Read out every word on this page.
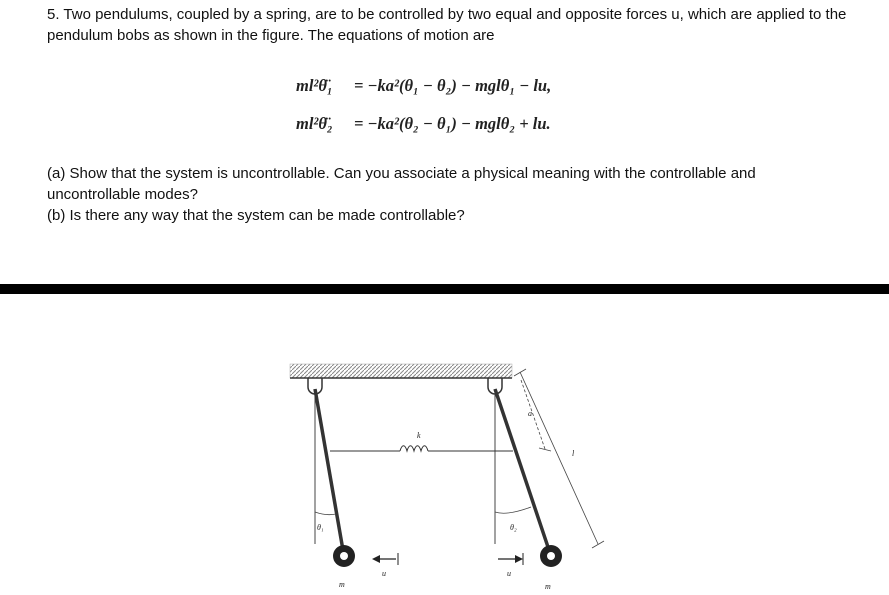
5. Two pendulums, coupled by a spring, are to be controlled by two equal and opposite forces u, which are applied to the pendulum bobs as shown in the figure. The equations of motion are
ml²θ̈₁ = −ka²(θ₁ − θ₂) − mglθ₁ − lu,
ml²θ̈₂ = −ka²(θ₂ − θ₁) − mglθ₂ + lu.
(a) Show that the system is uncontrollable. Can you associate a physical meaning with the controllable and uncontrollable modes?
(b) Is there any way that the system can be made controllable?
k
l
a
θ₁	θ₂
u	u
m	m
